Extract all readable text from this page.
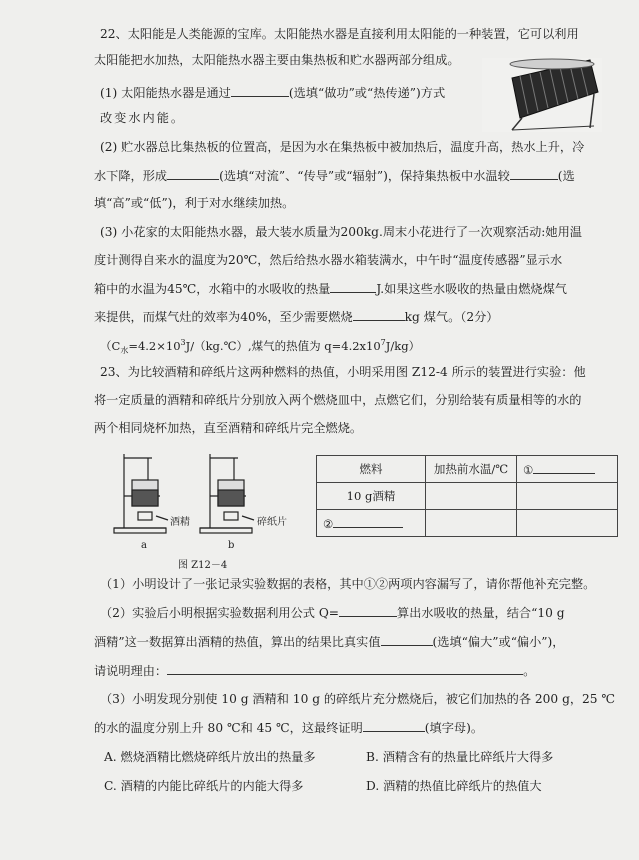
22、太阳能是人类能源的宝库。太阳能热水器是直接利用太阳能的一种装置，它可以利用
太阳能把水加热，太阳能热水器主要由集热板和贮水器两部分组成。
(1) 太阳能热水器是通过	(选填“做功”或“热传递”)方式
改变水内能。
(2) 贮水器总比集热板的位置高，是因为水在集热板中被加热后，温度升高，热水上升，冷
水下降，形成	(选填“对流”、“传导”或“辐射”)，保持集热板中水温较	(选
填“高”或“低”)，利于对水继续加热。
(3) 小花家的太阳能热水器，最大装水质量为200kg.周末小花进行了一次观察活动:她用温
度计测得自来水的温度为20℃，然后给热水器水箱装满水，中午时“温度传感器”显示水
箱中的水温为45℃，水箱中的水吸收的热量	J.如果这些水吸收的热量由燃烧煤气
来提供，而煤气灶的效率为40%，至少需要燃烧	kg 煤气。（2分）
（$C_水=4.2\times 10^3J/(kg.℃)$,煤气的热值为 $q=4.2x10^7J/kg$）
23、为比较酒精和碎纸片这两种燃料的热值，小明采用图 Z12-4 所示的装置进行实验：他
将一定质量的酒精和碎纸片分别放入两个燃烧皿中，点燃它们，分别给装有质量相等的水的
两个相同烧杯加热，直至酒精和碎纸片完全燃烧。
酒精	碎纸片
a	b
图 Z12－4
燃料	加热前水温/℃	①
10 g酒精		
②		
（1）小明设计了一张记录实验数据的表格，其中①②两项内容漏写了，请你帮他补充完整。
（2）实验后小明根据实验数据利用公式 Q=	算出水吸收的热量，结合“10 g
酒精”这一数据算出酒精的热值，算出的结果比真实值	(选填“偏大”或“偏小”)，
请说明理由：	。
（3）小明发现分别使 10 g 酒精和 10 g 的碎纸片充分燃烧后，被它们加热的各 200 g，25 ℃
的水的温度分别上升 80 ℃和 45 ℃，这最终证明	(填字母)。
A. 燃烧酒精比燃烧碎纸片放出的热量多	B. 酒精含有的热量比碎纸片大得多
C. 酒精的内能比碎纸片的内能大得多	D. 酒精的热值比碎纸片的热值大
